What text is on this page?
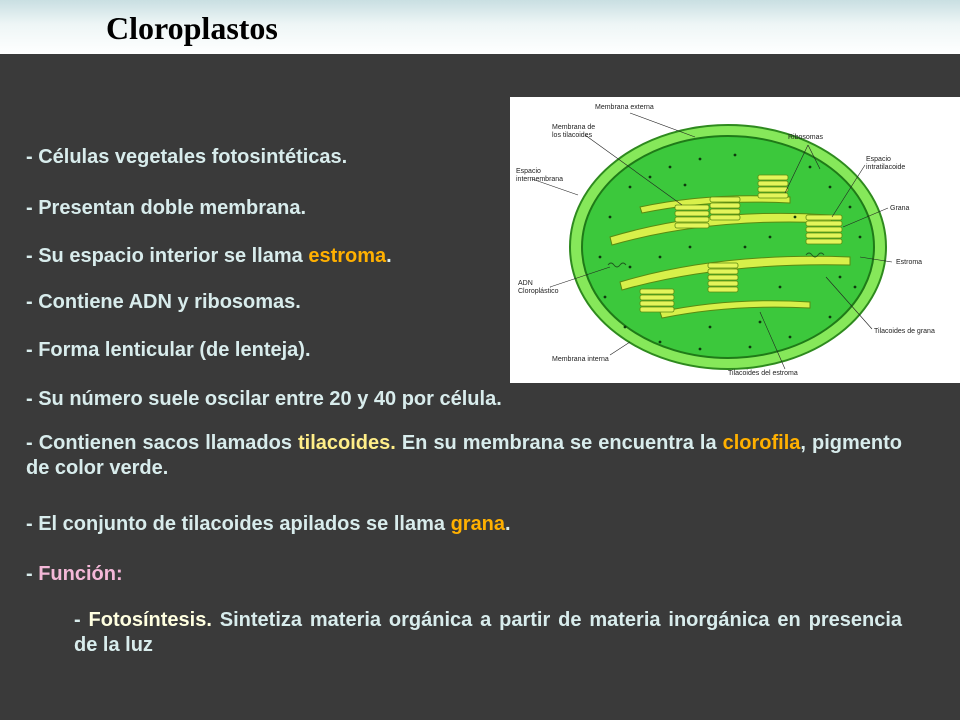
Cloroplastos
- Células vegetales fotosintéticas.
- Presentan doble membrana.
- Su espacio interior se llama estroma.
- Contiene ADN y ribosomas.
- Forma lenticular (de lenteja).
- Su número suele oscilar entre 20 y 40 por célula.
- Contienen sacos llamados tilacoides. En su membrana se encuentra la clorofila, pigmento de color verde.
- El conjunto de tilacoides apilados se llama grana.
- Función:
- Fotosíntesis. Sintetiza materia orgánica a partir de materia inorgánica en presencia de la luz
Membrana externa
Membrana de
los tilacoides	Ribosomas
Espacio
intermembrana
Espacio
intratilacoide
Grana
Estroma
ADN
Cloroplástico
Tilacoides de grana
Membrana interna
Tilacoides del estroma
